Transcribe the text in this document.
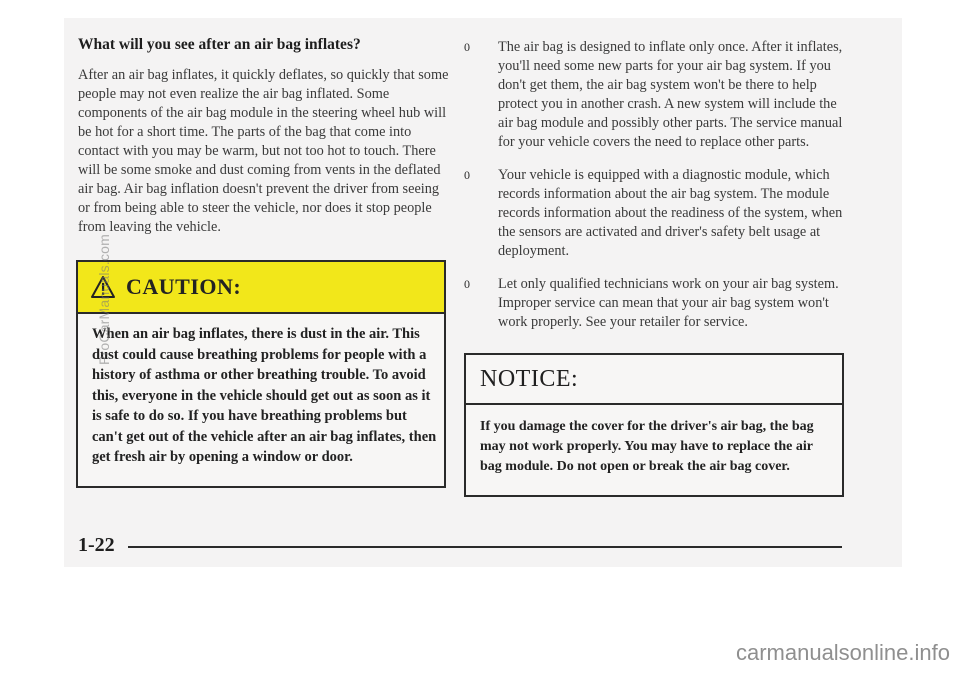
What will you see after an air bag inflates?

After an air bag inflates, it quickly deflates, so quickly that some people may not even realize the air bag inflated. Some components of the air bag module in the steering wheel hub will be hot for a short time. The parts of the bag that come into contact with you may be warm, but not too hot to touch. There will be some smoke and dust coming from vents in the deflated air bag. Air bag inflation doesn't prevent the driver from seeing or from being able to steer the vehicle, nor does it stop people from leaving the vehicle.

CAUTION:

When an air bag inflates, there is dust in the air. This dust could cause breathing problems for people with a history of asthma or other breathing trouble. To avoid this, everyone in the vehicle should get out as soon as it is safe to do so. If you have breathing problems but can't get out of the vehicle after an air bag inflates, then get fresh air by opening a window or door.

0 The air bag is designed to inflate only once. After it inflates, you'll need some new parts for your air bag system. If you don't get them, the air bag system won't be there to help protect you in another crash. A new system will include the air bag module and possibly other parts. The service manual for your vehicle covers the need to replace other parts.
0 Your vehicle is equipped with a diagnostic module, which records information about the air bag system. The module records information about the readiness of the system, when the sensors are activated and driver's safety belt usage at deployment.
0 Let only qualified technicians work on your air bag system. Improper service can mean that your air bag system won't work properly. See your retailer for service.
NOTICE:

If you damage the cover for the driver's air bag, the bag may not work properly. You may have to replace the air bag module. Do not open or break the air bag cover.

1-22
ProCarManuals.com
carmanualsonline.info
